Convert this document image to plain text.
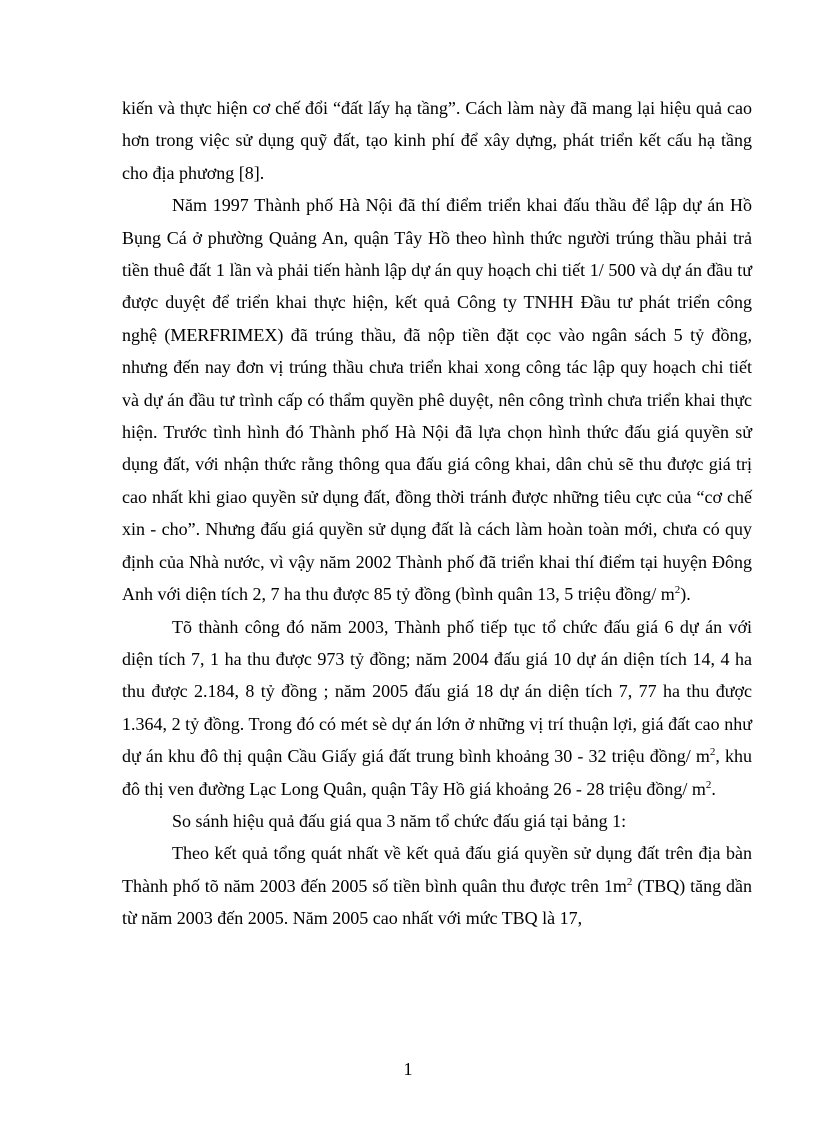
kiến và thực hiện cơ chế đổi “đất lấy hạ tầng”. Cách làm này đã mang lại hiệu quả cao hơn trong việc sử dụng quỹ đất, tạo kinh phí để xây dựng, phát triển kết cấu hạ tầng cho địa phương [8].

Năm 1997 Thành phố Hà Nội đã thí điểm triển khai đấu thầu để lập dự án Hồ Bụng Cá ở phường Quảng An, quận Tây Hồ theo hình thức người trúng thầu phải trả tiền thuê đất 1 lần và phải tiến hành lập dự án quy hoạch chi tiết 1/ 500 và dự án đầu tư được duyệt để triển khai thực hiện, kết quả Công ty TNHH Đầu tư phát triển công nghệ (MERFRIMEX) đã trúng thầu, đã nộp tiền đặt cọc vào ngân sách 5 tỷ đồng, nhưng đến nay đơn vị trúng thầu chưa triển khai xong công tác lập quy hoạch chi tiết và dự án đầu tư trình cấp có thẩm quyền phê duyệt, nên công trình chưa triển khai thực hiện. Trước tình hình đó Thành phố Hà Nội đã lựa chọn hình thức đấu giá quyền sử dụng đất, với nhận thức rằng thông qua đấu giá công khai, dân chủ sẽ thu được giá trị cao nhất khi giao quyền sử dụng đất, đồng thời tránh được những tiêu cực của “cơ chế xin - cho”. Nhưng đấu giá quyền sử dụng đất là cách làm hoàn toàn mới, chưa có quy định của Nhà nước, vì vậy năm 2002 Thành phố đã triển khai thí điểm tại huyện Đông Anh với diện tích 2, 7 ha thu được 85 tỷ đồng (bình quân 13, 5 triệu đồng/ $m^2$).

Tõ thành công đó năm 2003, Thành phố tiếp tục tổ chức đấu giá 6 dự án với diện tích 7, 1 ha thu được 973 tỷ đồng; năm 2004 đấu giá 10 dự án diện tích 14, 4 ha thu được 2.184, 8 tỷ đồng ; năm 2005 đấu giá 18 dự án diện tích 7, 77 ha thu được 1.364, 2 tỷ đồng. Trong đó có mét sè dự án lớn ở những vị trí thuận lợi, giá đất cao như dự án khu đô thị quận Cầu Giấy giá đất trung bình khoảng 30 - 32 triệu đồng/ $m^2$, khu đô thị ven đường Lạc Long Quân, quận Tây Hồ giá khoảng 26 - 28 triệu đồng/ $m^2$.

So sánh hiệu quả đấu giá qua 3 năm tổ chức đấu giá tại bảng 1:

Theo kết quả tổng quát nhất về kết quả đấu giá quyền sử dụng đất trên địa bàn Thành phố tõ năm 2003 đến 2005 số tiền bình quân thu được trên $1m^2$ (TBQ) tăng dần từ năm 2003 đến 2005. Năm 2005 cao nhất với mức TBQ là 17,

1
